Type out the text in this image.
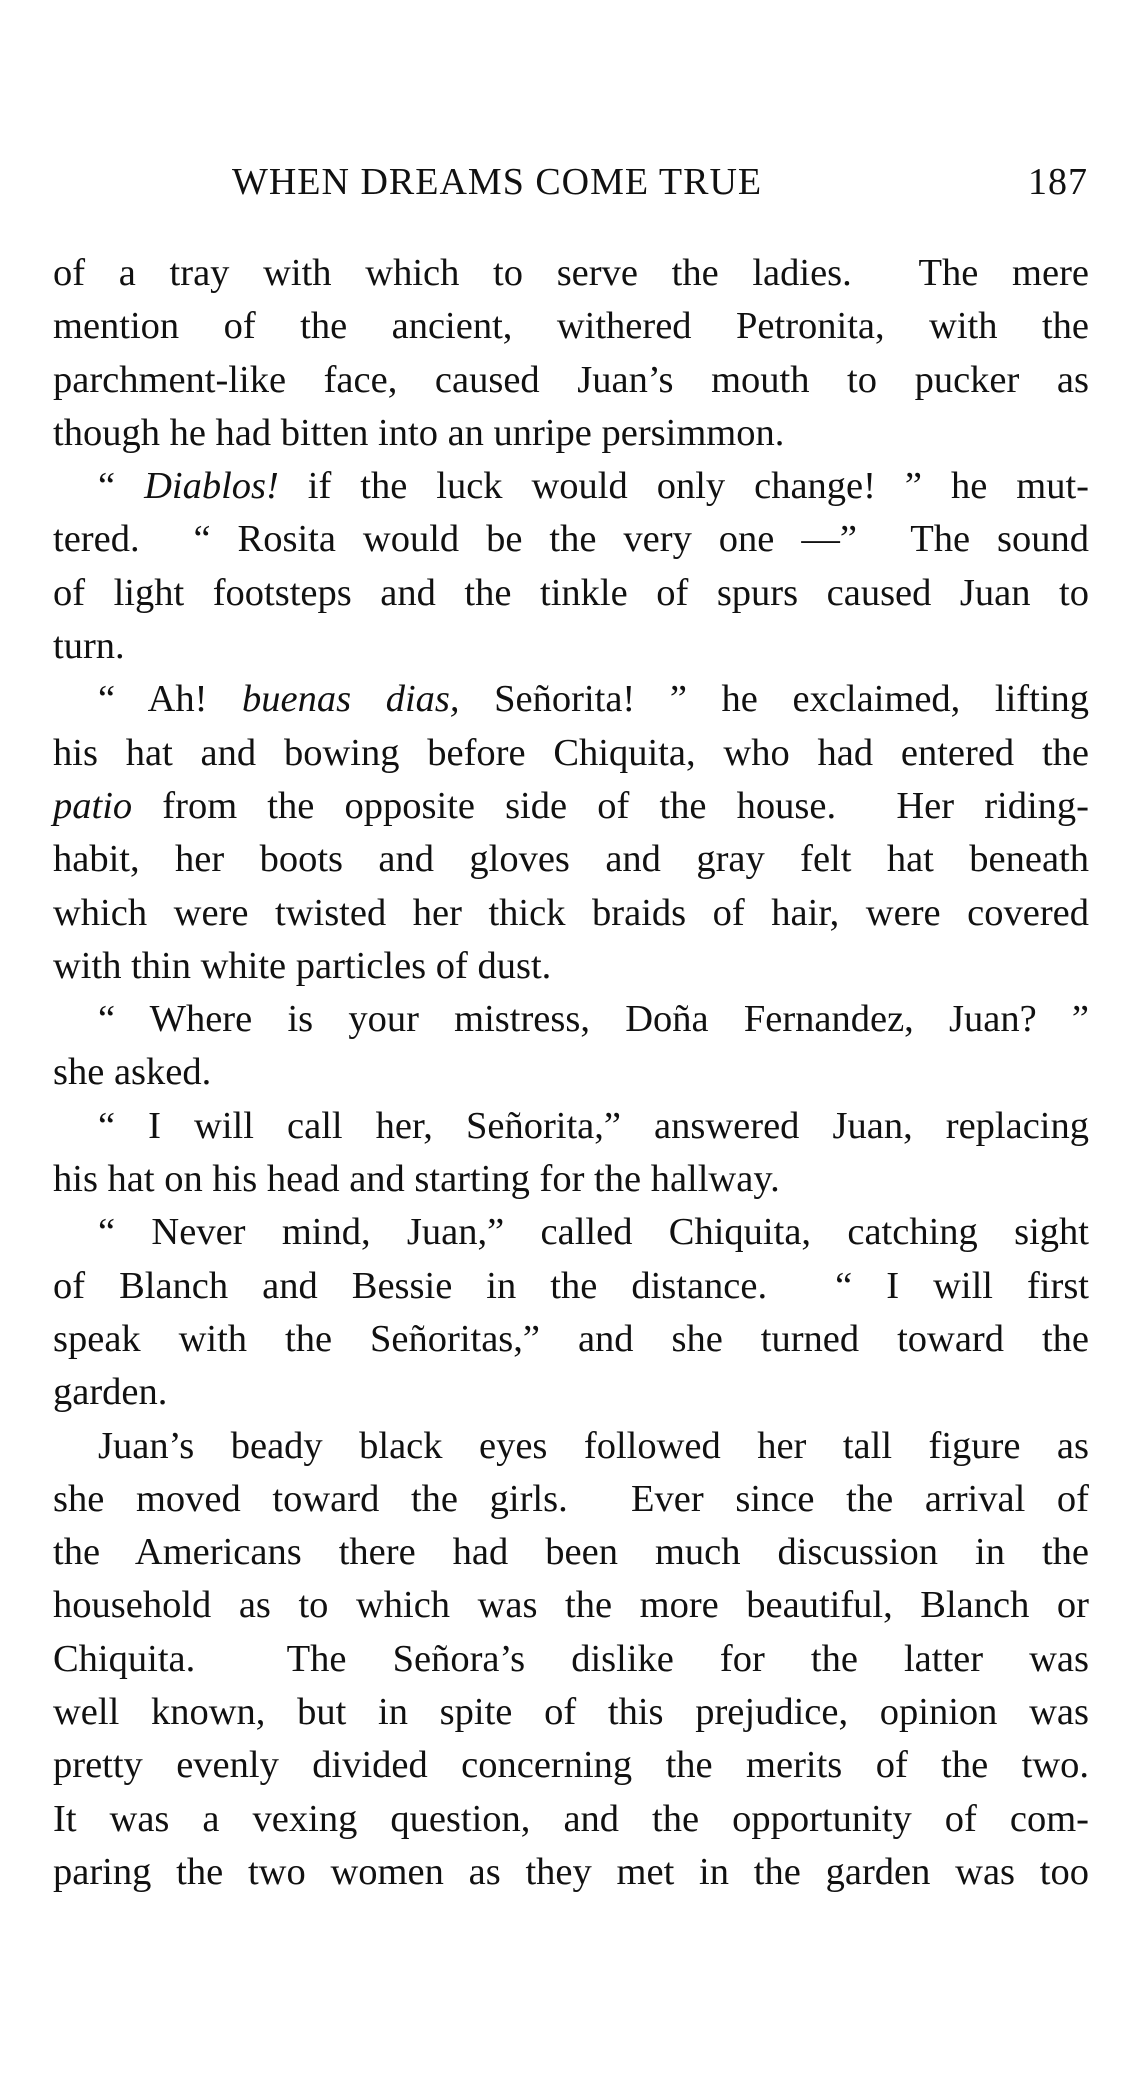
WHEN DREAMS COME TRUE	187
of a tray with which to serve the ladies.  The mere
mention of the ancient, withered Petronita, with the
parchment-like face, caused Juan’s mouth to pucker as
though he had bitten into an unripe persimmon.
“ Diablos! if the luck would only change! ” he mut-
tered.  “ Rosita would be the very one —”  The sound
of light footsteps and the tinkle of spurs caused Juan to
turn.
“ Ah! buenas dias, Señorita! ” he exclaimed, lifting
his hat and bowing before Chiquita, who had entered the
patio from the opposite side of the house.  Her riding-
habit, her boots and gloves and gray felt hat beneath
which were twisted her thick braids of hair, were covered
with thin white particles of dust.
“ Where is your mistress, Doña Fernandez, Juan? ”
she asked.
“ I will call her, Señorita,” answered Juan, replacing
his hat on his head and starting for the hallway.
“ Never mind, Juan,” called Chiquita, catching sight
of Blanch and Bessie in the distance.  “ I will first
speak with the Señoritas,” and she turned toward the
garden.
Juan’s beady black eyes followed her tall figure as
she moved toward the girls.  Ever since the arrival of
the Americans there had been much discussion in the
household as to which was the more beautiful, Blanch or
Chiquita.  The Señora’s dislike for the latter was
well known, but in spite of this prejudice, opinion was
pretty evenly divided concerning the merits of the two.
It was a vexing question, and the opportunity of com-
paring the two women as they met in the garden was too
